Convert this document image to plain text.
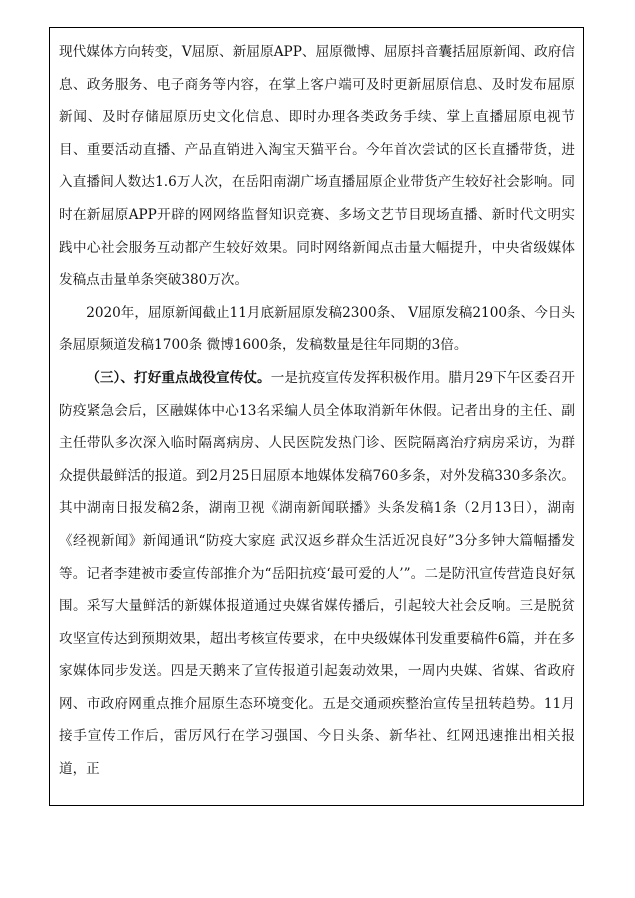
现代媒体方向转变，V屈原、新屈原APP、屈原微博、屈原抖音囊括屈原新闻、政府信息、政务服务、电子商务等内容，在掌上客户端可及时更新屈原信息、及时发布屈原新闻、及时存储屈原历史文化信息、即时办理各类政务手续、掌上直播屈原电视节目、重要活动直播、产品直销进入淘宝天猫平台。今年首次尝试的区长直播带货，进入直播间人数达1.6万人次，在岳阳南湖广场直播屈原企业带货产生较好社会影响。同时在新屈原APP开辟的网网络监督知识竞赛、多场文艺节目现场直播、新时代文明实践中心社会服务互动都产生较好效果。同时网络新闻点击量大幅提升，中央省级媒体发稿点击量单条突破380万次。

2020年，屈原新闻截止11月底新屈原发稿2300条、 V屈原发稿2100条、今日头条屈原频道发稿1700条 微博1600条，发稿数量是往年同期的3倍。

（三）、打好重点战役宣传仗。一是抗疫宣传发挥积极作用。腊月29下午区委召开防疫紧急会后，区融媒体中心13名采编人员全体取消新年休假。记者出身的主任、副主任带队多次深入临时隔离病房、人民医院发热门诊、医院隔离治疗病房采访，为群众提供最鲜活的报道。到2月25日屈原本地媒体发稿760多条，对外发稿330多条次。其中湖南日报发稿2条，湖南卫视《湖南新闻联播》头条发稿1条（2月13日），湖南《经视新闻》新闻通讯“防疫大家庭 武汉返乡群众生活近况良好”3分多钟大篇幅播发等。记者李建被市委宣传部推介为“岳阳抗疫‘最可爱的人’”。二是防汛宣传营造良好氛围。采写大量鲜活的新媒体报道通过央媒省媒传播后，引起较大社会反响。三是脱贫攻坚宣传达到预期效果，超出考核宣传要求，在中央级媒体刊发重要稿件6篇，并在多家媒体同步发送。四是天鹅来了宣传报道引起轰动效果，一周内央媒、省媒、省政府网、市政府网重点推介屈原生态环境变化。五是交通顽疾整治宣传呈扭转趋势。11月接手宣传工作后，雷厉风行在学习强国、今日头条、新华社、红网迅速推出相关报道，正
